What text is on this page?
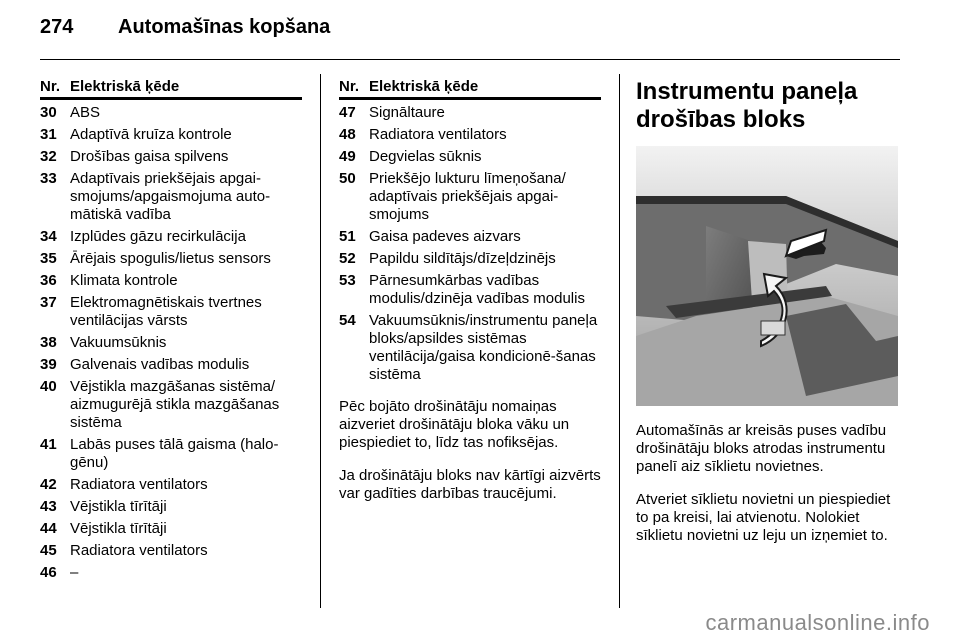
274 Automašīnas kopšana
Nr. Elektriskā ķēde
30 ABS
31 Adaptīvā kruīza kontrole
32 Drošības gaisa spilvens
33 Adaptīvais priekšējais apgai-smojums/apgaismojuma auto-mātiskā vadība
34 Izplūdes gāzu recirkulācija
35 Ārējais spogulis/lietus sensors
36 Klimata kontrole
37 Elektromagnētiskais tvertnes ventilācijas vārsts
38 Vakuumsūknis
39 Galvenais vadības modulis
40 Vējstikla mazgāšanas sistēma/ aizmugurējā stikla mazgāšanas sistēma
41 Labās puses tālā gaisma (halo-gēnu)
42 Radiatora ventilators
43 Vējstikla tīrītāji
44 Vējstikla tīrītāji
45 Radiatora ventilators
46 –
Nr. Elektriskā ķēde
47 Signāltaure
48 Radiatora ventilators
49 Degvielas sūknis
50 Priekšējo lukturu līmeņošana/ adaptīvais priekšējais apgai-smojums
51 Gaisa padeves aizvars
52 Papildu sildītājs/dīzeļdzinējs
53 Pārnesumkārbas vadības modulis/dzinēja vadības modulis
54 Vakuumsūknis/instrumentu paneļa bloks/apsildes sistēmas ventilācija/gaisa kondicionē-šanas sistēma

Pēc bojāto drošinātāju nomaiņas aizveriet drošinātāju bloka vāku un piespiediet to, līdz tas nofiksējas.

Ja drošinātāju bloks nav kārtīgi aizvērts var gadīties darbības traucējumi.

Instrumentu paneļa drošības bloks

Automašīnās ar kreisās puses vadību drošinātāju bloks atrodas instrumentu panelī aiz sīklietu novietnes.

Atveriet sīklietu novietni un piespiediet to pa kreisi, lai atvienotu. Nolokiet sīklietu novietni uz leju un izņemiet to.

carmanualsonline.info
